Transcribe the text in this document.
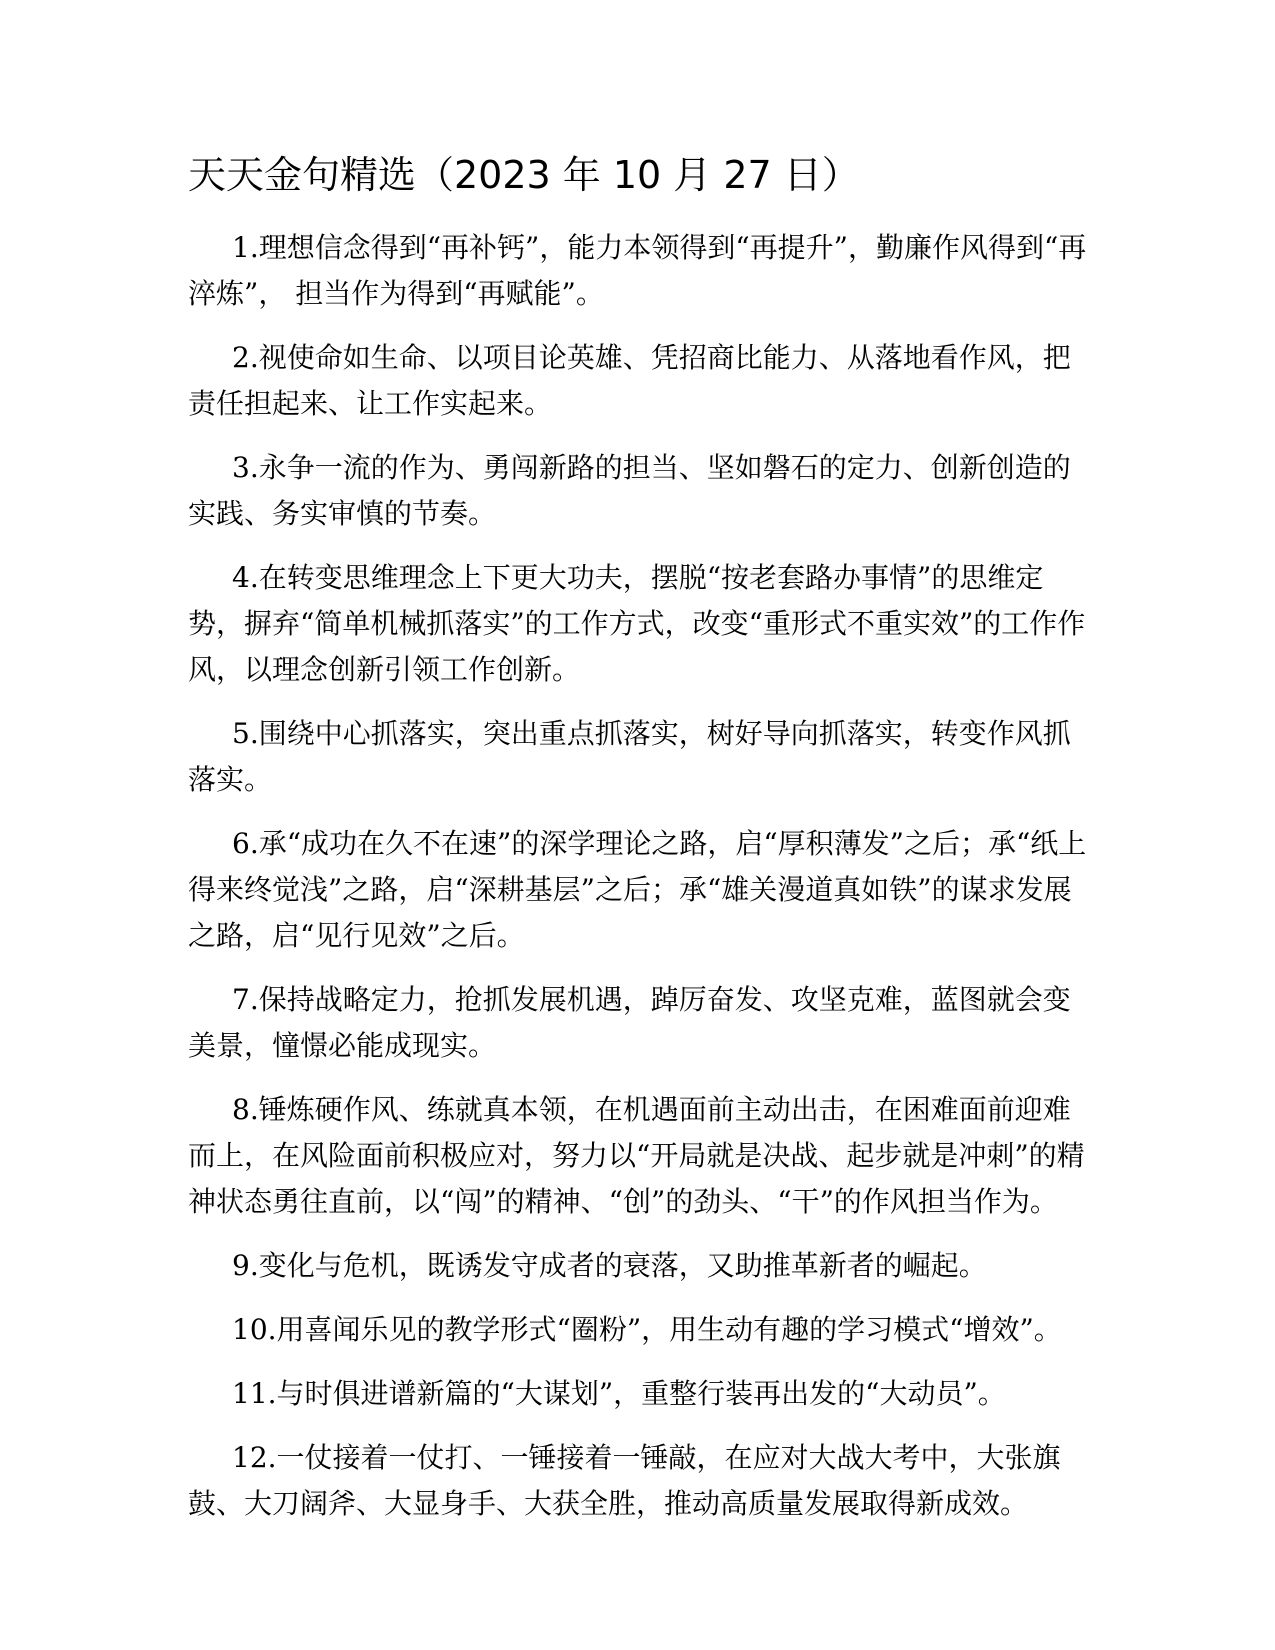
天天金句精选（2023 年 10 月 27 日）

1.理想信念得到“再补钙”，能力本领得到“再提升”，勤廉作风得到“再淬炼”， 担当作为得到“再赋能”。

2.视使命如生命、以项目论英雄、凭招商比能力、从落地看作风，把责任担起来、让工作实起来。

3.永争一流的作为、勇闯新路的担当、坚如磐石的定力、创新创造的实践、务实审慎的节奏。

4.在转变思维理念上下更大功夫，摆脱“按老套路办事情”的思维定势，摒弃“简单机械抓落实”的工作方式，改变“重形式不重实效”的工作作风，以理念创新引领工作创新。

5.围绕中心抓落实，突出重点抓落实，树好导向抓落实，转变作风抓落实。

6.承“成功在久不在速”的深学理论之路，启“厚积薄发”之后；承“纸上得来终觉浅”之路，启“深耕基层”之后；承“雄关漫道真如铁”的谋求发展之路，启“见行见效”之后。

7.保持战略定力，抢抓发展机遇，踔厉奋发、攻坚克难，蓝图就会变美景，憧憬必能成现实。

8.锤炼硬作风、练就真本领，在机遇面前主动出击，在困难面前迎难而上，在风险面前积极应对，努力以“开局就是决战、起步就是冲刺”的精神状态勇往直前，以“闯”的精神、“创”的劲头、“干”的作风担当作为。

9.变化与危机，既诱发守成者的衰落，又助推革新者的崛起。

10.用喜闻乐见的教学形式“圈粉”，用生动有趣的学习模式“增效”。

11.与时俱进谱新篇的“大谋划”，重整行装再出发的“大动员”。

12.一仗接着一仗打、一锤接着一锤敲，在应对大战大考中，大张旗鼓、大刀阔斧、大显身手、大获全胜，推动高质量发展取得新成效。
